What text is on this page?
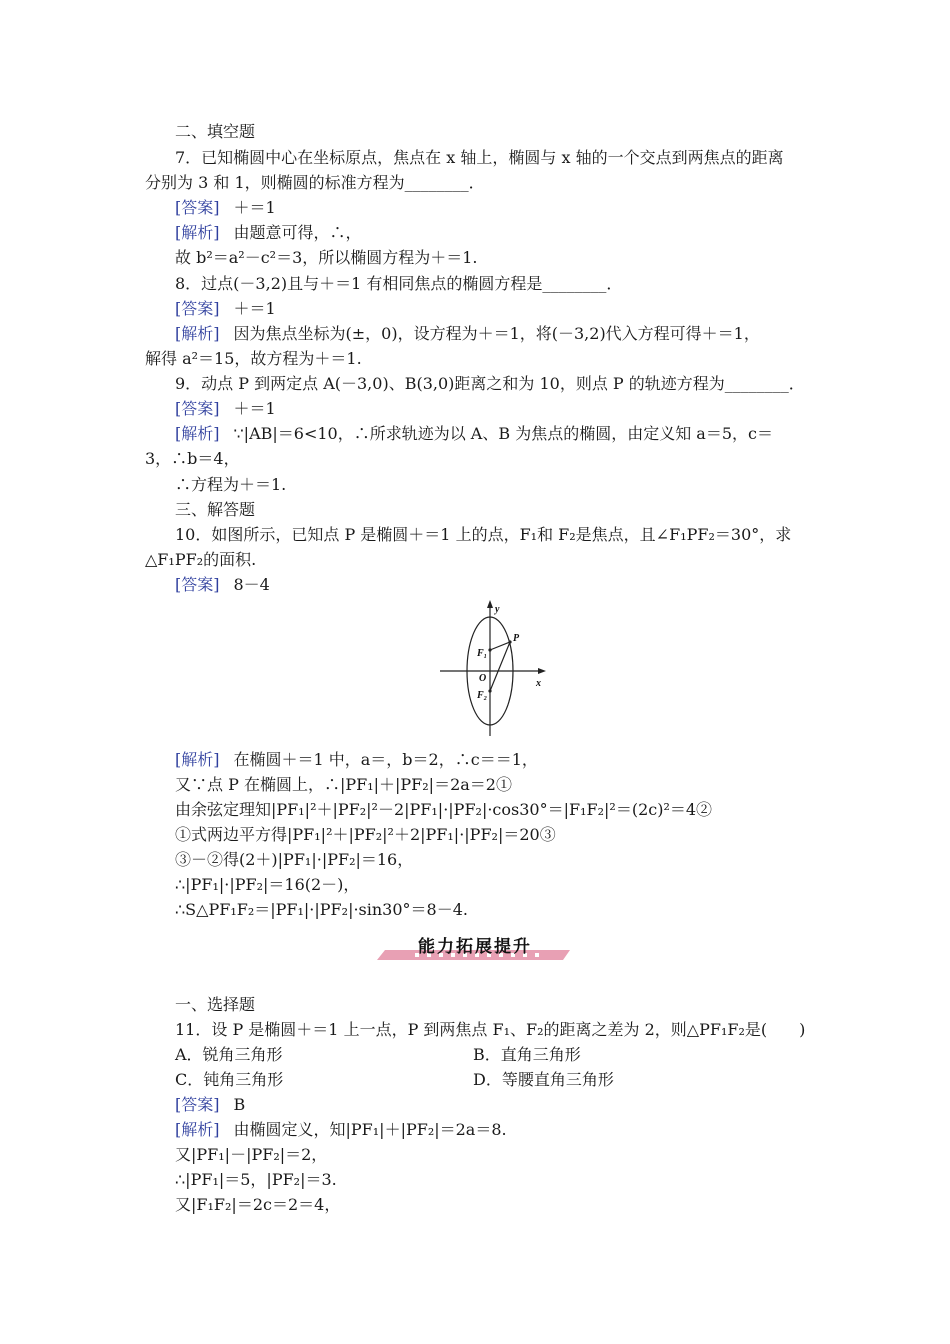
二、填空题
7．已知椭圆中心在坐标原点，焦点在 x 轴上，椭圆与 x 轴的一个交点到两焦点的距离
分别为 3 和 1，则椭圆的标准方程为________．
[答案] ＋＝1
[解析] 由题意可得，∴，
故 b²＝a²－c²＝3，所以椭圆方程为＋＝1.
8．过点(－3,2)且与＋＝1 有相同焦点的椭圆方程是________．
[答案] ＋＝1
[解析] 因为焦点坐标为(±，0)，设方程为＋＝1，将(－3,2)代入方程可得＋＝1，
解得 a²＝15，故方程为＋＝1.
9．动点 P 到两定点 A(－3,0)、B(3,0)距离之和为 10，则点 P 的轨迹方程为________．
[答案] ＋＝1
[解析] ∵|AB|＝6<10，∴所求轨迹为以 A、B 为焦点的椭圆，由定义知 a＝5，c＝
3，∴b＝4，
∴方程为＋＝1.
三、解答题
10．如图所示，已知点 P 是椭圆＋＝1 上的点，F₁和 F₂是焦点，且∠F₁PF₂＝30°，求
△F₁PF₂的面积.
[答案] 8－4
y
x
O
P
F₁
F₂
[解析] 在椭圆＋＝1 中，a＝，b＝2，∴c＝＝1，
又∵点 P 在椭圆上，∴|PF₁|＋|PF₂|＝2a＝2①
由余弦定理知|PF₁|²＋|PF₂|²－2|PF₁|·|PF₂|·cos30°＝|F₁F₂|²＝(2c)²＝4②
①式两边平方得|PF₁|²＋|PF₂|²＋2|PF₁|·|PF₂|＝20③
③－②得(2＋)|PF₁|·|PF₂|＝16，
∴|PF₁|·|PF₂|＝16(2－)，
∴S△PF₁F₂＝|PF₁|·|PF₂|·sin30°＝8－4.
能力拓展提升
一、选择题
11．设 P 是椭圆＋＝1 上一点，P 到两焦点 F₁、F₂的距离之差为 2，则△PF₁F₂是(　　)
A．锐角三角形	B．直角三角形
C．钝角三角形	D．等腰直角三角形
[答案] B
[解析] 由椭圆定义，知|PF₁|＋|PF₂|＝2a＝8.
又|PF₁|－|PF₂|＝2，
∴|PF₁|＝5，|PF₂|＝3.
又|F₁F₂|＝2c＝2＝4，
